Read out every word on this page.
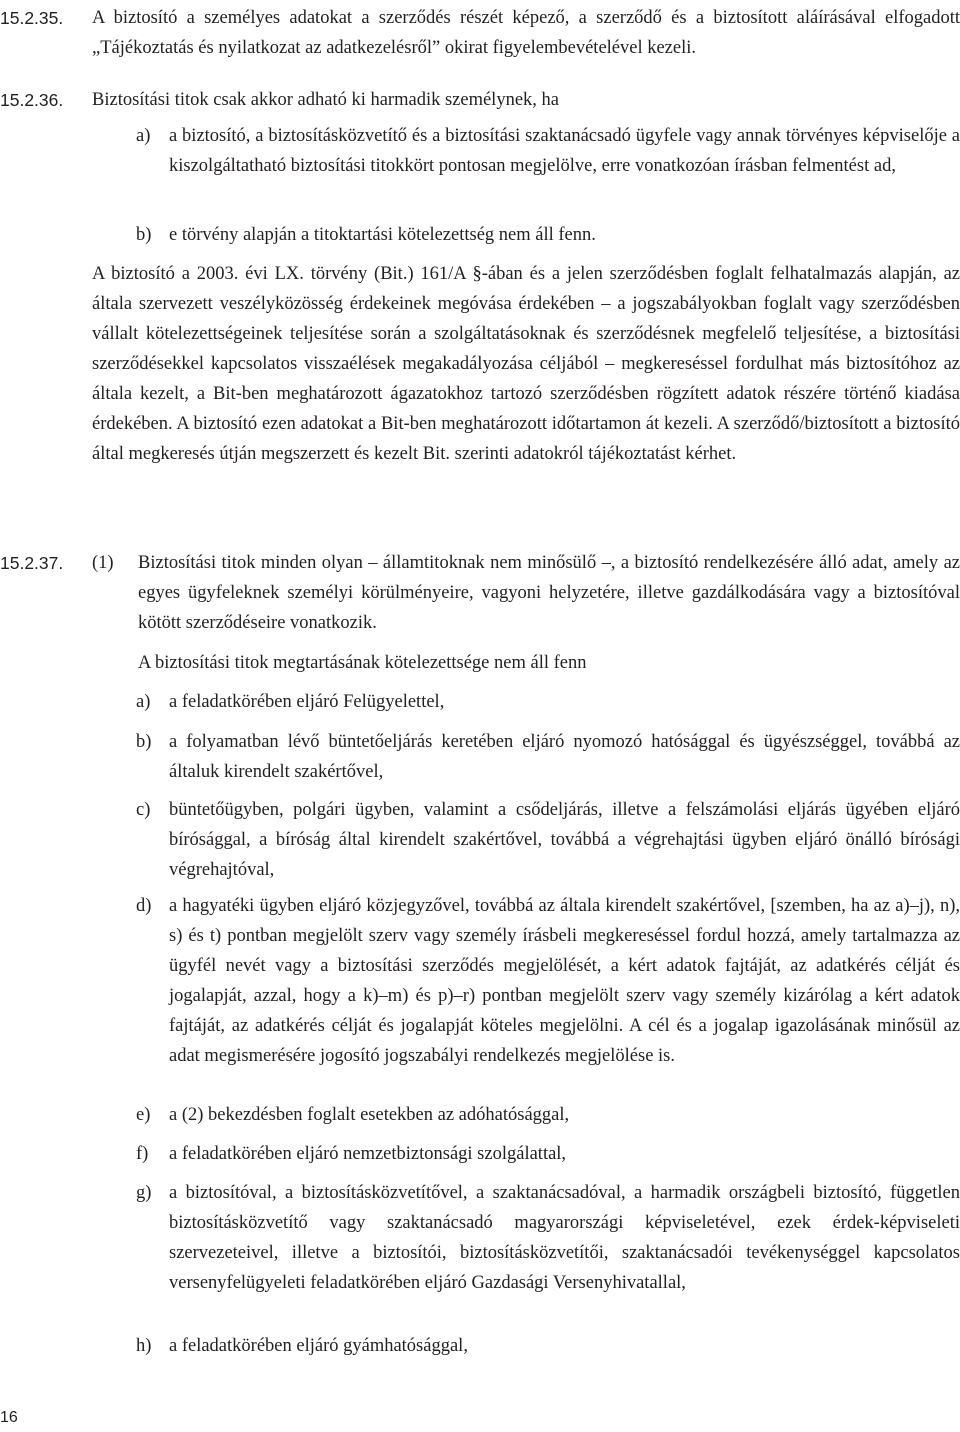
15.2.35.	A biztosító a személyes adatokat a szerződés részét képező, a szerződő és a biztosított aláírásával elfogadott „Tájékoztatás és nyilatkozat az adatkezelésről” okirat figyelembevételével kezeli.
15.2.36.	Biztosítási titok csak akkor adható ki harmadik személynek, ha
a)	a biztosító, a biztosításközvetítő és a biztosítási szaktanácsadó ügyfele vagy annak törvényes képviselője a kiszolgáltatható biztosítási titokkört pontosan megjelölve, erre vonatkozóan írásban felmentést ad,
b) e törvény alapján a titoktartási kötelezettség nem áll fenn.
A biztosító a 2003. évi LX. törvény (Bit.) 161/A §-ában és a jelen szerződésben foglalt felhatalmazás alapján, az általa szervezett veszélyközösség érdekeinek megóvása érdekében – a jogszabályokban foglalt vagy szerződésben vállalt kötelezettségeinek teljesítése során a szolgáltatásoknak és szerződésnek megfelelő teljesítése, a biztosítási szerződésekkel kapcsolatos visszaélések megakadályozása céljából – megkereséssel fordulhat más biztosítóhoz az általa kezelt, a Bit-ben meghatározott ágazatokhoz tartozó szerződésben rögzített adatok részére történő kiadása érdekében. A biztosító ezen adatokat a Bit-ben meghatározott időtartamon át kezeli. A szerződő/biztosított a biztosító által megkeresés útján megszerzett és kezelt Bit. szerinti adatokról tájékoztatást kérhet.
15.2.37.	(1)	Biztosítási titok minden olyan – államtitoknak nem minősülő –, a biztosító rendelkezésére álló adat, amely az egyes ügyfeleknek személyi körülményeire, vagyoni helyzetére, illetve gazdálkodására vagy a biztosítóval kötött szerződéseire vonatkozik.
A biztosítási titok megtartásának kötelezettsége nem áll fenn
a)	a feladatkörében eljáró Felügyelettel,
b) a folyamatban lévő büntetőeljárás keretében eljáró nyomozó hatósággal és ügyészséggel, továbbá az általuk kirendelt szakértővel,
c)	büntetőügyben, polgári ügyben, valamint a csődeljárás, illetve a felszámolási eljárás ügyében eljáró bírósággal, a bíróság által kirendelt szakértővel, továbbá a végrehajtási ügyben eljáró önálló bírósági végrehajtóval,
d) a hagyatéki ügyben eljáró közjegyzővel, továbbá az általa kirendelt szakértővel, [szemben, ha az a)–j), n), s) és t) pontban megjelölt szerv vagy személy írásbeli megkereséssel fordul hozzá, amely tartalmazza az ügyfél nevét vagy a biztosítási szerződés megjelölését, a kért adatok fajtáját, az adatkérés célját és jogalapját, azzal, hogy a k)–m) és p)–r) pontban megjelölt szerv vagy személy kizárólag a kért adatok fajtáját, az adatkérés célját és jogalapját köteles megjelölni. A cél és a jogalap igazolásának minősül az adat megismerésére jogosító jogszabályi rendelkezés megjelölése is.
e)	a (2) bekezdésben foglalt esetekben az adóhatósággal,
f)	a feladatkörében eljáró nemzetbiztonsági szolgálattal,
g) a biztosítóval, a biztosításközvetítővel, a szaktanácsadóval, a harmadik országbeli biztosító, független biztosításközvetítő vagy szaktanácsadó magyarországi képviseletével, ezek érdek-képviseleti szervezeteivel, illetve a biztosítói, biztosításközvetítői, szaktanácsadói tevékenységgel kapcsolatos versenyfelügyeleti feladatkörében eljáró Gazdasági Versenyhivatallal,
h) a feladatkörében eljáró gyámhatósággal,
16
